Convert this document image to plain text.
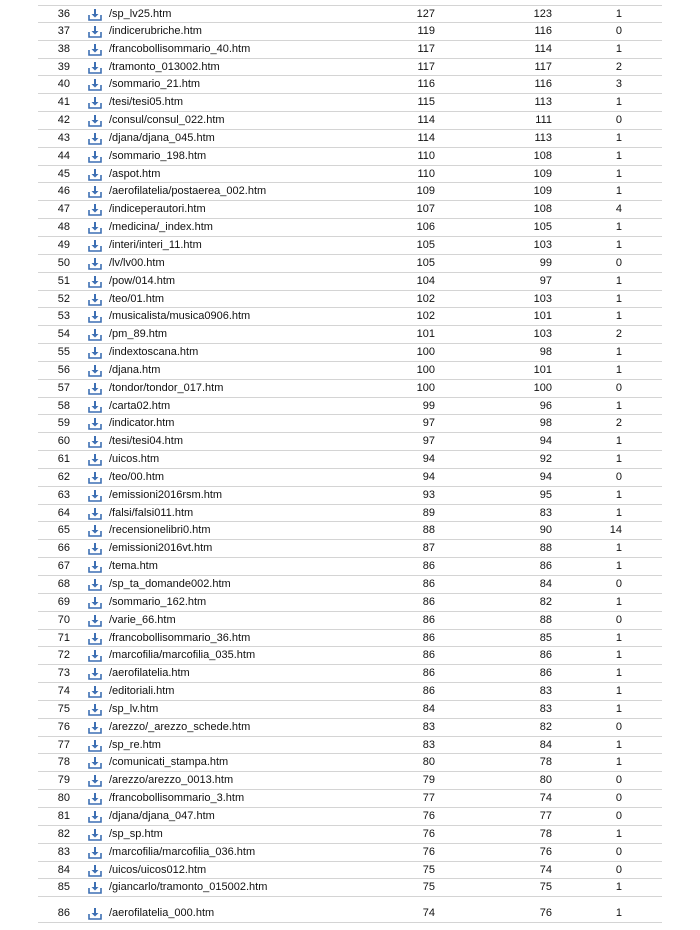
36	/sp_lv25.htm	127	123	1
37	/indicerubriche.htm	119	116	0
38	/francobollisommario_40.htm	117	114	1
39	/tramonto_013002.htm	117	117	2
40	/sommario_21.htm	116	116	3
41	/tesi/tesi05.htm	115	113	1
42	/consul/consul_022.htm	114	111	0
43	/djana/djana_045.htm	114	113	1
44	/sommario_198.htm	110	108	1
45	/aspot.htm	110	109	1
46	/aerofilatelia/postaerea_002.htm	109	109	1
47	/indiceperautori.htm	107	108	4
48	/medicina/_index.htm	106	105	1
49	/interi/interi_11.htm	105	103	1
50	/lv/lv00.htm	105	99	0
51	/pow/014.htm	104	97	1
52	/teo/01.htm	102	103	1
53	/musicalista/musica0906.htm	102	101	1
54	/pm_89.htm	101	103	2
55	/indextoscana.htm	100	98	1
56	/djana.htm	100	101	1
57	/tondor/tondor_017.htm	100	100	0
58	/carta02.htm	99	96	1
59	/indicator.htm	97	98	2
60	/tesi/tesi04.htm	97	94	1
61	/uicos.htm	94	92	1
62	/teo/00.htm	94	94	0
63	/emissioni2016rsm.htm	93	95	1
64	/falsi/falsi011.htm	89	83	1
65	/recensionelibri0.htm	88	90	14
66	/emissioni2016vt.htm	87	88	1
67	/tema.htm	86	86	1
68	/sp_ta_domande002.htm	86	84	0
69	/sommario_162.htm	86	82	1
70	/varie_66.htm	86	88	0
71	/francobollisommario_36.htm	86	85	1
72	/marcofilia/marcofilia_035.htm	86	86	1
73	/aerofilatelia.htm	86	86	1
74	/editoriali.htm	86	83	1
75	/sp_lv.htm	84	83	1
76	/arezzo/_arezzo_schede.htm	83	82	0
77	/sp_re.htm	83	84	1
78	/comunicati_stampa.htm	80	78	1
79	/arezzo/arezzo_0013.htm	79	80	0
80	/francobollisommario_3.htm	77	74	0
81	/djana/djana_047.htm	76	77	0
82	/sp_sp.htm	76	78	1
83	/marcofilia/marcofilia_036.htm	76	76	0
84	/uicos/uicos012.htm	75	74	0
85	/giancarlo/tramonto_015002.htm	75	75	1
86	/aerofilatelia_000.htm	74	76	1
